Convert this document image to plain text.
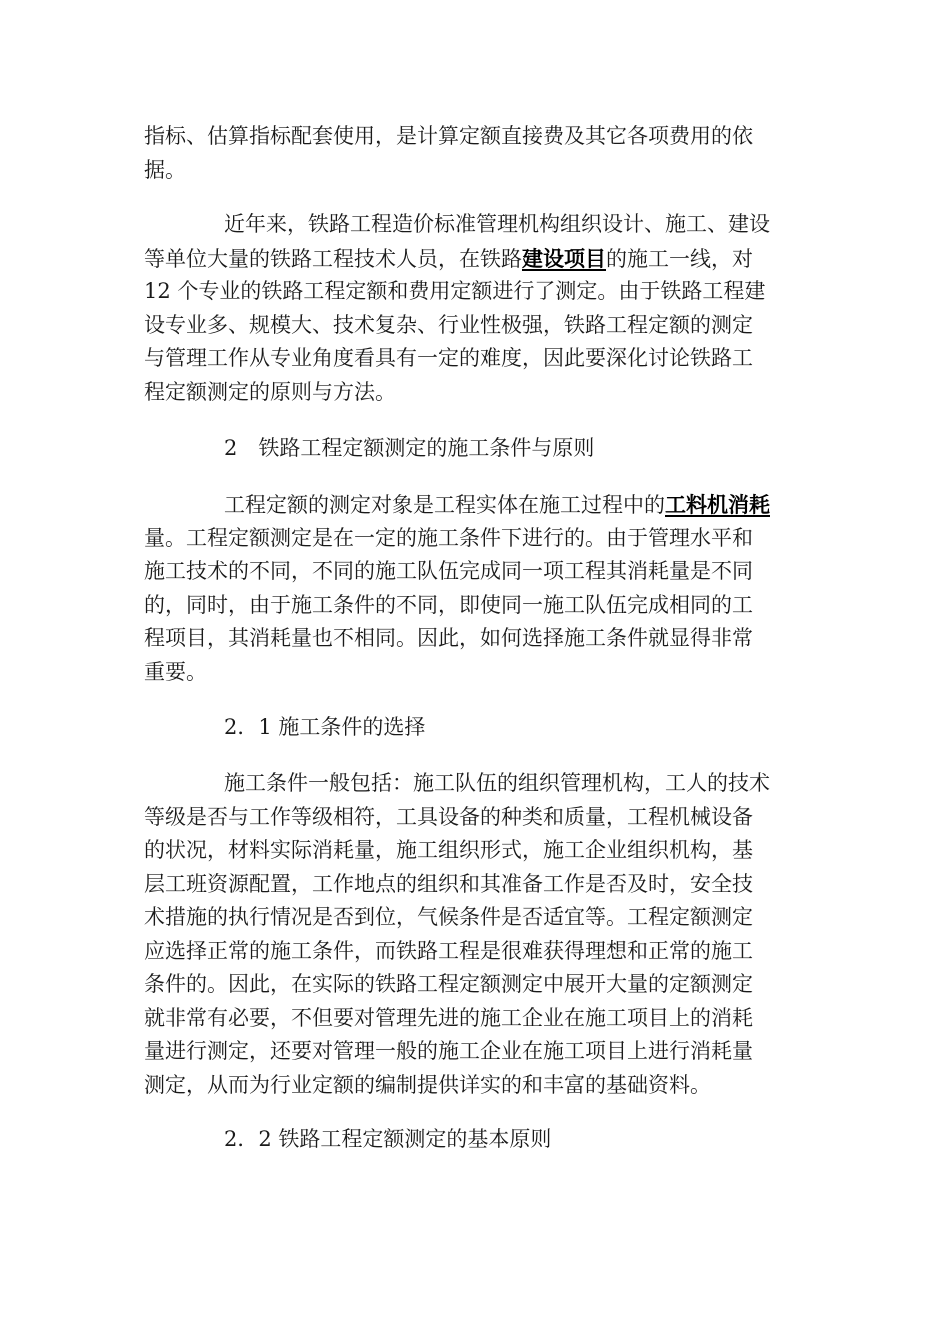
指标、估算指标配套使用，是计算定额直接费及其它各项费用的依
据。
近年来，铁路工程造价标准管理机构组织设计、施工、建设
等单位大量的铁路工程技术人员，在铁路建设项目的施工一线，对
12 个专业的铁路工程定额和费用定额进行了测定。由于铁路工程建
设专业多、规模大、技术复杂、行业性极强，铁路工程定额的测定
与管理工作从专业角度看具有一定的难度，因此要深化讨论铁路工
程定额测定的原则与方法。
2　铁路工程定额测定的施工条件与原则
工程定额的测定对象是工程实体在施工过程中的工料机消耗
量。工程定额测定是在一定的施工条件下进行的。由于管理水平和
施工技术的不同，不同的施工队伍完成同一项工程其消耗量是不同
的，同时，由于施工条件的不同，即使同一施工队伍完成相同的工
程项目，其消耗量也不相同。因此，如何选择施工条件就显得非常
重要。
2．1 施工条件的选择
施工条件一般包括：施工队伍的组织管理机构，工人的技术
等级是否与工作等级相符，工具设备的种类和质量，工程机械设备
的状况，材料实际消耗量，施工组织形式，施工企业组织机构，基
层工班资源配置，工作地点的组织和其准备工作是否及时，安全技
术措施的执行情况是否到位，气候条件是否适宜等。工程定额测定
应选择正常的施工条件，而铁路工程是很难获得理想和正常的施工
条件的。因此，在实际的铁路工程定额测定中展开大量的定额测定
就非常有必要，不但要对管理先进的施工企业在施工项目上的消耗
量进行测定，还要对管理一般的施工企业在施工项目上进行消耗量
测定，从而为行业定额的编制提供详实的和丰富的基础资料。
2．2 铁路工程定额测定的基本原则
